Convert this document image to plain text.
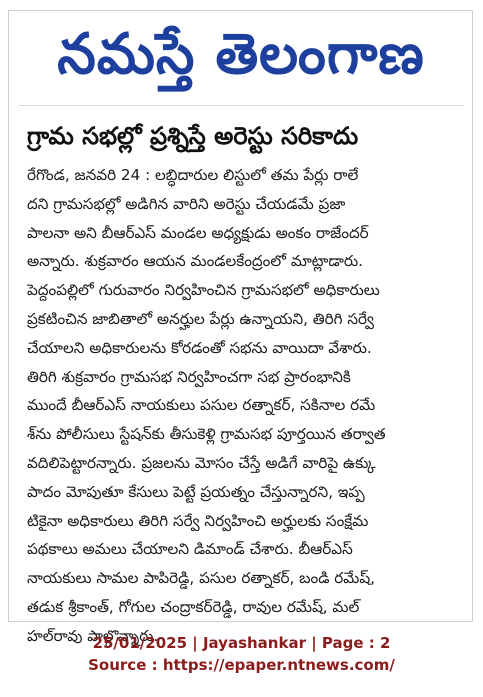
నమస్తే తెలంగాణ
గ్రామ సభల్లో ప్రశ్నిస్తే అరెస్టు సరికాదు
రేగొండ, జనవరి 24 : లబ్ధిదారుల లిస్టులో తమ పేర్లు రాలే
దని గ్రామసభల్లో అడిగిన వారిని అరెస్టు చేయడమే ప్రజా
పాలనా అని బీఆర్ఎస్ మండల అధ్యక్షుడు అంకం రాజేందర్
అన్నారు. శుక్రవారం ఆయన మండలకేంద్రంలో మాట్లాడారు.
పెద్దంపల్లిలో గురువారం నిర్వహించిన గ్రామసభలో అధికారులు
ప్రకటించిన జాబితాలో అనర్హుల పేర్లు ఉన్నాయని, తిరిగి సర్వే
చేయాలని అధికారులను కోరడంతో సభను వాయిదా వేశారు.
తిరిగి శుక్రవారం గ్రామసభ నిర్వహించగా సభ ప్రారంభానికి
ముందే బీఆర్ఎస్ నాయకులు పసుల రత్నాకర్, సకినాల రమే
శ్‌ను పోలీసులు స్టేషన్‌కు తీసుకెళ్లి గ్రామసభ పూర్తయిన తర్వాత
వదిలిపెట్టారన్నారు. ప్రజలను మోసం చేస్తే అడిగే వారిపై ఉక్కు
పాదం మోపుతూ కేసులు పెట్టే ప్రయత్నం చేస్తున్నారని, ఇప్ప
టికైనా అధికారులు తిరిగి సర్వే నిర్వహించి అర్హులకు సంక్షేమ
పథకాలు అమలు చేయాలని డిమాండ్ చేశారు. బీఆర్ఎస్
నాయకులు సామల పాపిరెడ్డి, పసుల రత్నాకర్, బండి రమేష్,
తడుక శ్రీకాంత్, గోగుల చంద్రాకర్‌రెడ్డి, రావుల రమేష్, మల్
హల్‌రావు పాల్గొన్నారు.
25/01/2025 | Jayashankar | Page : 2
Source : https://epaper.ntnews.com/
